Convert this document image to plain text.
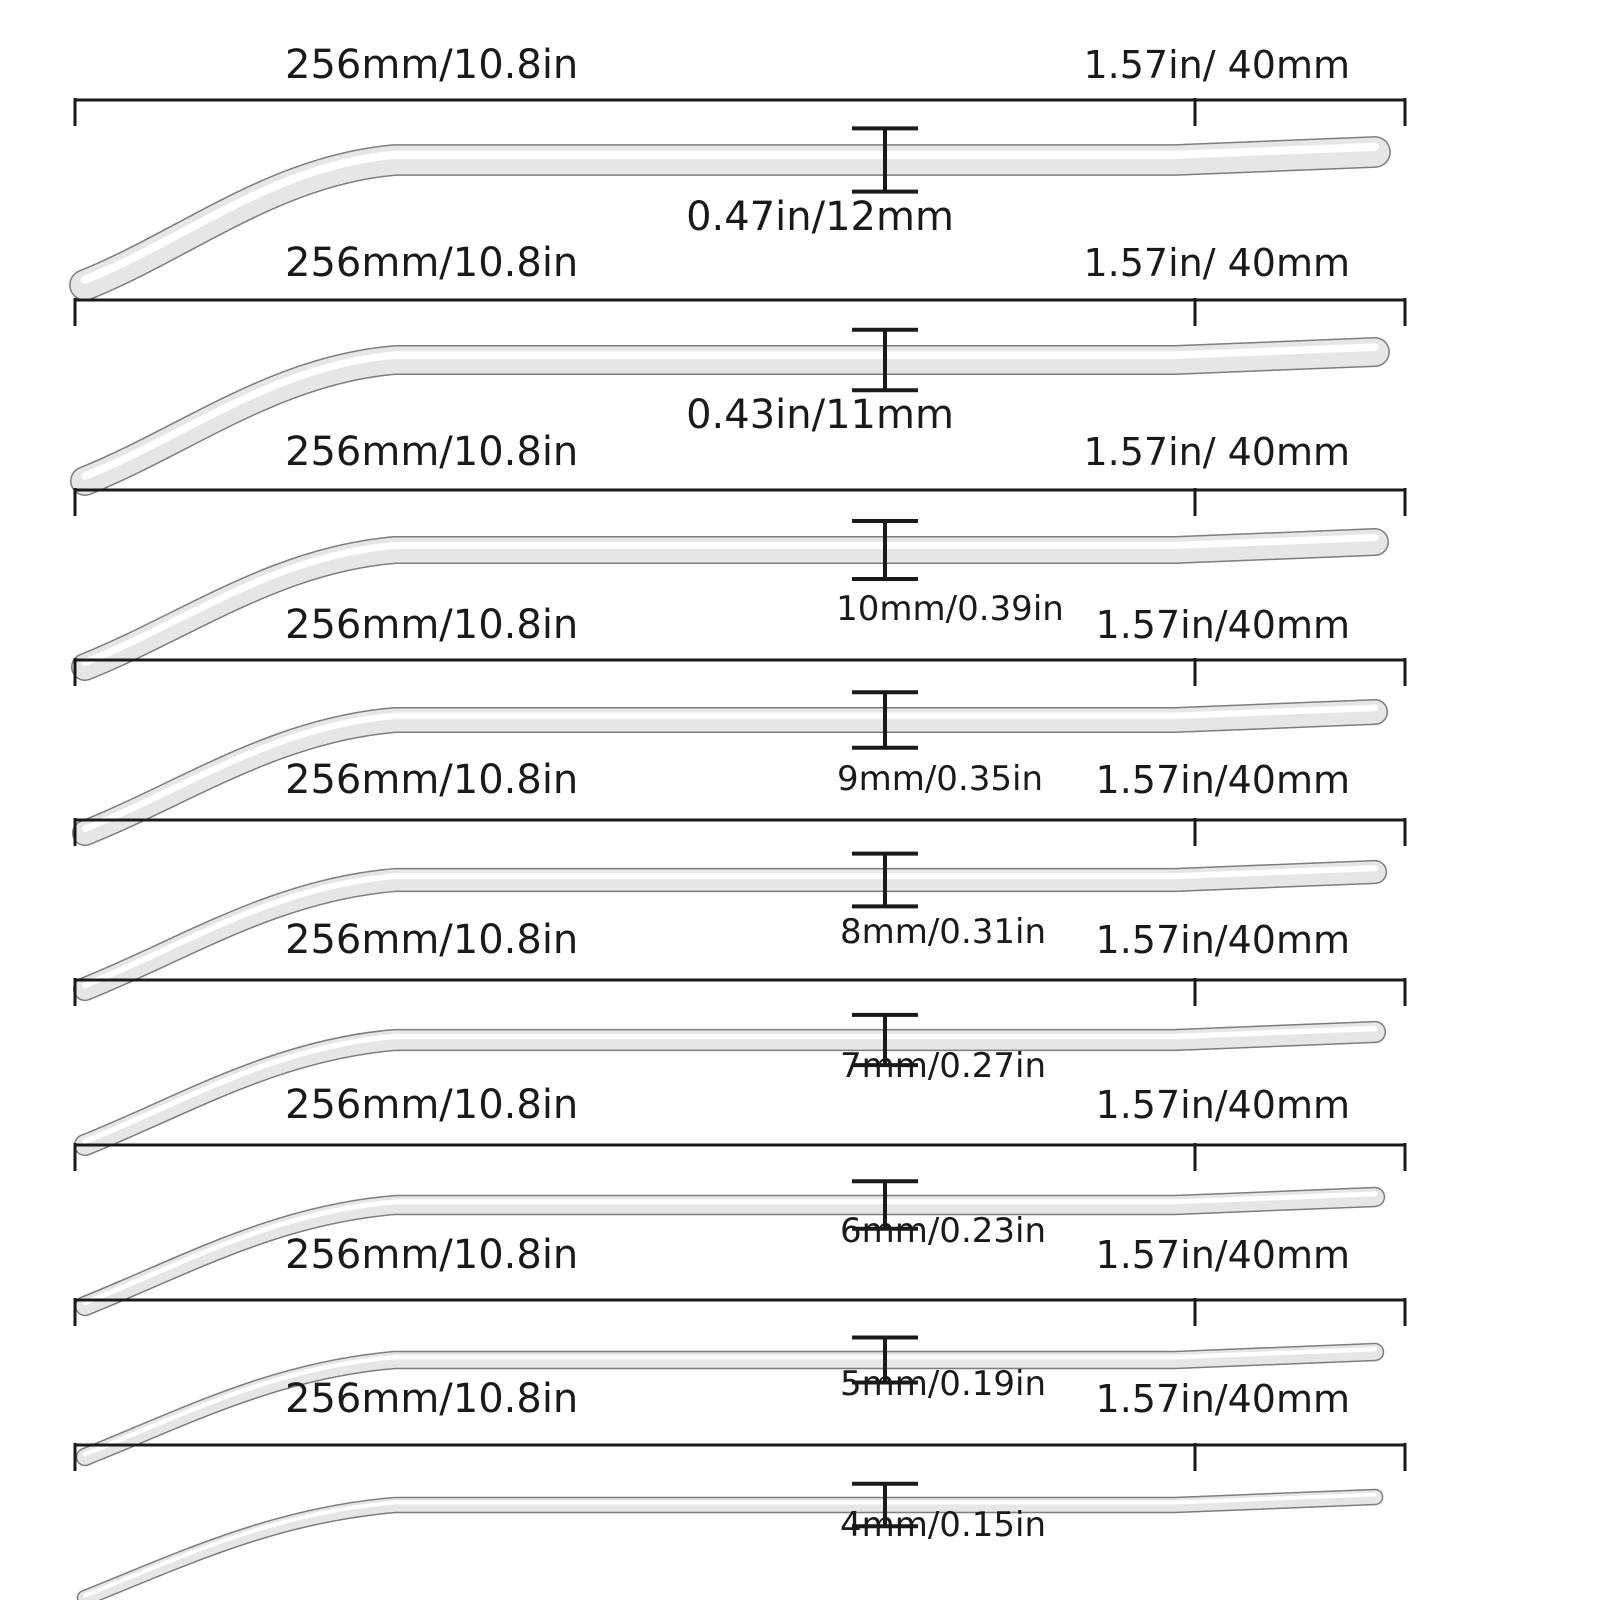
256mm/10.8in	1.57in/ 40mm
0.47in/12mm
256mm/10.8in	1.57in/ 40mm
0.43in/11mm
256mm/10.8in	1.57in/ 40mm
10mm/0.39in
256mm/10.8in	1.57in/40mm
9mm/0.35in
256mm/10.8in	1.57in/40mm
8mm/0.31in
256mm/10.8in	1.57in/40mm
7mm/0.27in
256mm/10.8in	1.57in/40mm
6mm/0.23in
256mm/10.8in	1.57in/40mm
5mm/0.19in
256mm/10.8in	1.57in/40mm
4mm/0.15in
